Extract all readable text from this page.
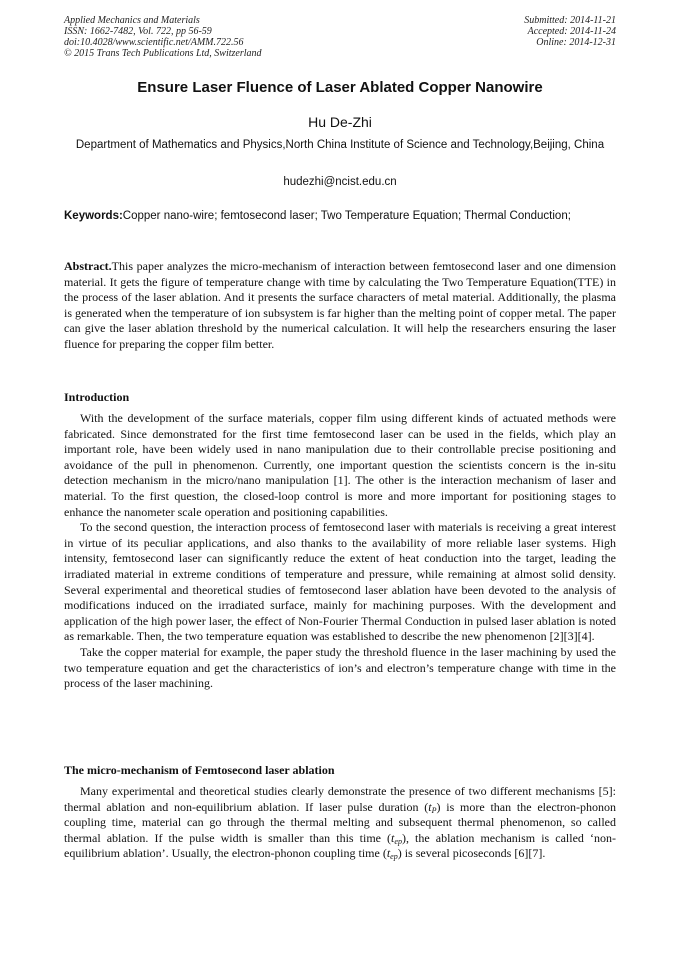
Applied Mechanics and Materials
ISSN: 1662-7482, Vol. 722, pp 56-59
doi:10.4028/www.scientific.net/AMM.722.56
© 2015 Trans Tech Publications Ltd, Switzerland
Submitted: 2014-11-21
Accepted: 2014-11-24
Online: 2014-12-31
Ensure Laser Fluence of Laser Ablated Copper Nanowire
Hu De-Zhi
Department of Mathematics and Physics,North China Institute of Science and Technology,Beijing, China
hudezhi@ncist.edu.cn
Keywords:Copper nano-wire; femtosecond laser; Two Temperature Equation; Thermal Conduction;

Abstract.This paper analyzes the micro-mechanism of interaction between femtosecond laser and one dimension material. It gets the figure of temperature change with time by calculating the Two Temperature Equation(TTE) in the process of the laser ablation. And it presents the surface characters of metal material. Additionally, the plasma is generated when the temperature of ion subsystem is far higher than the melting point of copper metal. The paper can give the laser ablation threshold by the numerical calculation. It will help the researchers ensuring the laser fluence for preparing the copper film better.

Introduction

With the development of the surface materials, copper film using different kinds of actuated methods were fabricated. Since demonstrated for the first time femtosecond laser can be used in the fields, which play an important role, have been widely used in nano manipulation due to their controllable precise positioning and avoidance of the pull in phenomenon. Currently, one important question the scientists concern is the in-situ detection mechanism in the micro/nano manipulation [1]. The other is the interaction mechanism of laser and material. To the first question, the closed-loop control is more and more important for positioning stages to enhance the nanometer scale operation and positioning capabilities.

To the second question, the interaction process of femtosecond laser with materials is receiving a great interest in virtue of its peculiar applications, and also thanks to the availability of more reliable laser systems. High intensity, femtosecond laser can significantly reduce the extent of heat conduction into the target, leading the irradiated material in extreme conditions of temperature and pressure, while remaining at almost solid density. Several experimental and theoretical studies of femtosecond laser ablation have been devoted to the analysis of modifications induced on the irradiated surface, mainly for machining purposes. With the development and application of the high power laser, the effect of Non-Fourier Thermal Conduction in pulsed laser ablation is noted as remarkable. Then, the two temperature equation was established to describe the new phenomenon [2][3][4].

Take the copper material for example, the paper study the threshold fluence in the laser machining by used the two temperature equation and get the characteristics of ion’s and electron’s temperature change with time in the process of the laser machining.

The micro-mechanism of Femtosecond laser ablation

Many experimental and theoretical studies clearly demonstrate the presence of two different mechanisms [5]: thermal ablation and non-equilibrium ablation. If laser pulse duration $(t_P)$ is more than the electron-phonon coupling time, material can go through the thermal melting and subsequent thermal phenomenon, so called thermal ablation. If the pulse width is smaller than this time $(t_{ep})$, the ablation mechanism is called ‘non-equilibrium ablation’. Usually, the electron-phonon coupling time $(t_{ep})$ is several picoseconds [6][7].
